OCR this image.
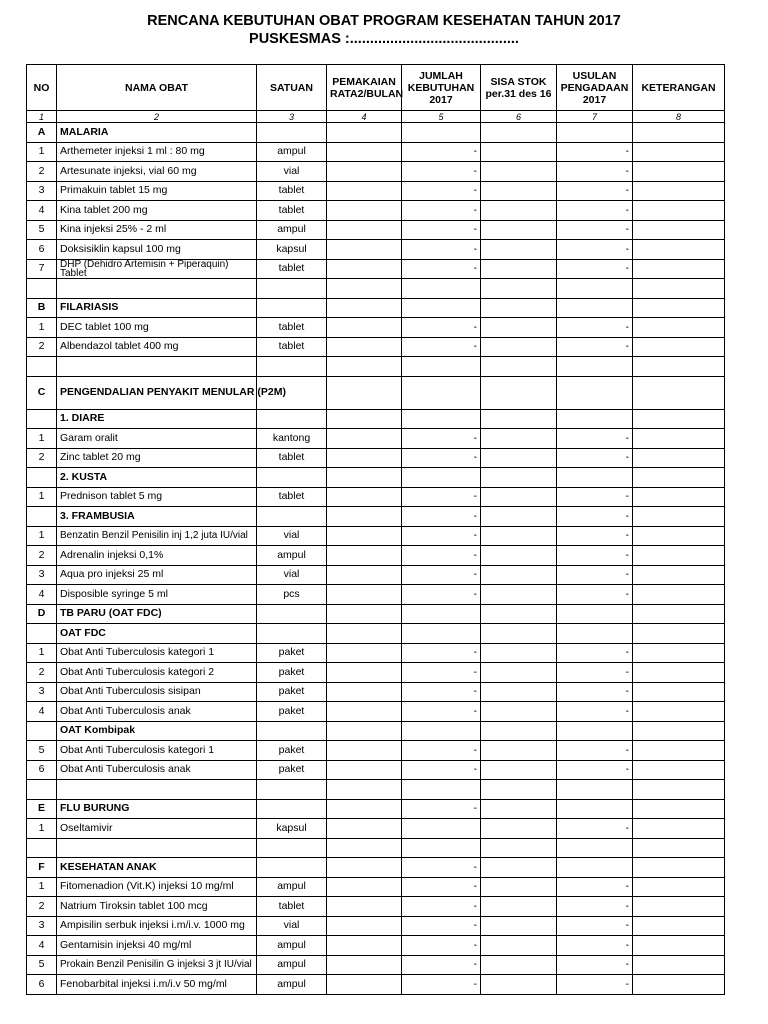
RENCANA KEBUTUHAN OBAT PROGRAM KESEHATAN TAHUN 2017
PUSKESMAS :..........................................
NO	NAMA OBAT	SATUAN	PEMAKAIAN RATA2/BULAN	JUMLAH KEBUTUHAN 2017	SISA STOK per.31 des 16	USULAN PENGADAAN 2017	KETERANGAN
1	2	3	4	5	6	7	8
A	MALARIA						
1	Arthemeter injeksi 1 ml : 80 mg	ampul		-		-	
2	Artesunate injeksi, vial 60 mg	vial		-		-	
3	Primakuin tablet 15 mg	tablet		-		-	
4	Kina tablet 200 mg	tablet		-		-	
5	Kina injeksi 25% - 2 ml	ampul		-		-	
6	Doksisiklin kapsul 100 mg	kapsul		-		-	
7	DHP (Dehidro Artemisin + Piperaquin) Tablet	tablet		-		-	

B	FILARIASIS						
1	DEC tablet 100 mg	tablet		-		-	
2	Albendazol tablet 400 mg	tablet		-		-	

C	PENGENDALIAN PENYAKIT MENULAR (P2M)						
	1. DIARE						
1	Garam oralit	kantong		-		-	
2	Zinc tablet 20 mg	tablet		-		-	
	2. KUSTA						
1	Prednison tablet 5 mg	tablet		-		-	
	3. FRAMBUSIA			-		-	
1	Benzatin Benzil Penisilin inj 1,2 juta IU/vial	vial		-		-	
2	Adrenalin injeksi 0,1%	ampul		-		-	
3	Aqua pro injeksi 25 ml	vial		-		-	
4	Disposible syringe 5 ml	pcs		-		-	
D	TB PARU (OAT FDC)						
	OAT FDC						
1	Obat Anti Tuberculosis kategori 1	paket		-		-	
2	Obat Anti Tuberculosis kategori 2	paket		-		-	
3	Obat Anti Tuberculosis sisipan	paket		-		-	
4	Obat Anti Tuberculosis anak	paket		-		-	
	OAT Kombipak						
5	Obat Anti Tuberculosis kategori 1	paket		-		-	
6	Obat Anti Tuberculosis anak	paket		-		-	

E	FLU BURUNG			-			
1	Oseltamivir	kapsul				-	

F	KESEHATAN ANAK			-			
1	Fitomenadion (Vit.K) injeksi 10 mg/ml	ampul		-		-	
2	Natrium Tiroksin tablet 100 mcg	tablet		-		-	
3	Ampisilin serbuk injeksi i.m/i.v. 1000 mg	vial		-		-	
4	Gentamisin injeksi 40 mg/ml	ampul		-		-	
5	Prokain Benzil Penisilin G injeksi 3 jt IU/vial	ampul		-		-	
6	Fenobarbital injeksi i.m/i.v 50 mg/ml	ampul		-		-	
